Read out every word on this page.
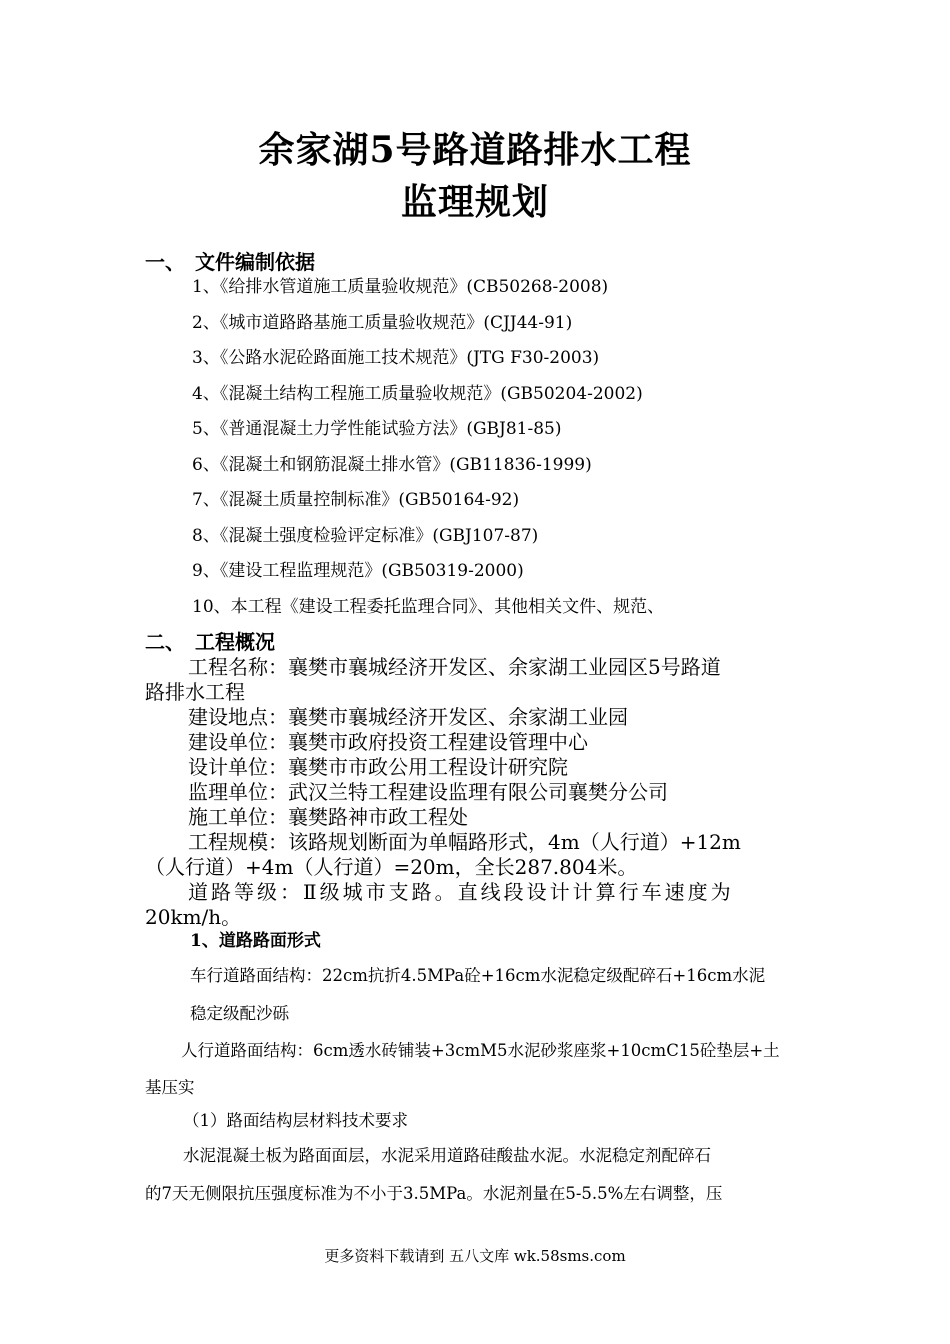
余家湖5号路道路排水工程
监理规划
一、 文件编制依据
1、《给排水管道施工质量验收规范》(CB50268-2008)
2、《城市道路路基施工质量验收规范》(CJJ44-91)
3、《公路水泥砼路面施工技术规范》(JTG F30-2003)
4、《混凝土结构工程施工质量验收规范》(GB50204-2002)
5、《普通混凝土力学性能试验方法》(GBJ81-85)
6、《混凝土和钢筋混凝土排水管》(GB11836-1999)
7、《混凝土质量控制标准》(GB50164-92)
8、《混凝土强度检验评定标准》(GBJ107-87)
9、《建设工程监理规范》(GB50319-2000)
10、本工程《建设工程委托监理合同》、其他相关文件、规范、
二、 工程概况
工程名称：襄樊市襄城经济开发区、余家湖工业园区5号路道
路排水工程
建设地点：襄樊市襄城经济开发区、余家湖工业园
建设单位：襄樊市政府投资工程建设管理中心
设计单位：襄樊市市政公用工程设计研究院
监理单位：武汉兰特工程建设监理有限公司襄樊分公司
施工单位：襄樊路神市政工程处
工程规模：该路规划断面为单幅路形式，4m（人行道）+12m
（人行道）+4m（人行道）=20m，全长287.804米。
道路等级：Ⅱ级城市支路。直线段设计计算行车速度为
20km/h。
1、道路路面形式
车行道路面结构：22cm抗折4.5MPa砼+16cm水泥稳定级配碎石+16cm水泥
稳定级配沙砾
人行道路面结构：6cm透水砖铺装+3cmM5水泥砂浆座浆+10cmC15砼垫层+土
基压实
（1）路面结构层材料技术要求
水泥混凝土板为路面面层，水泥采用道路硅酸盐水泥。水泥稳定剂配碎石
的7天无侧限抗压强度标准为不小于3.5MPa。水泥剂量在5-5.5%左右调整，压
更多资料下载请到 五八文库 wk.58sms.com
